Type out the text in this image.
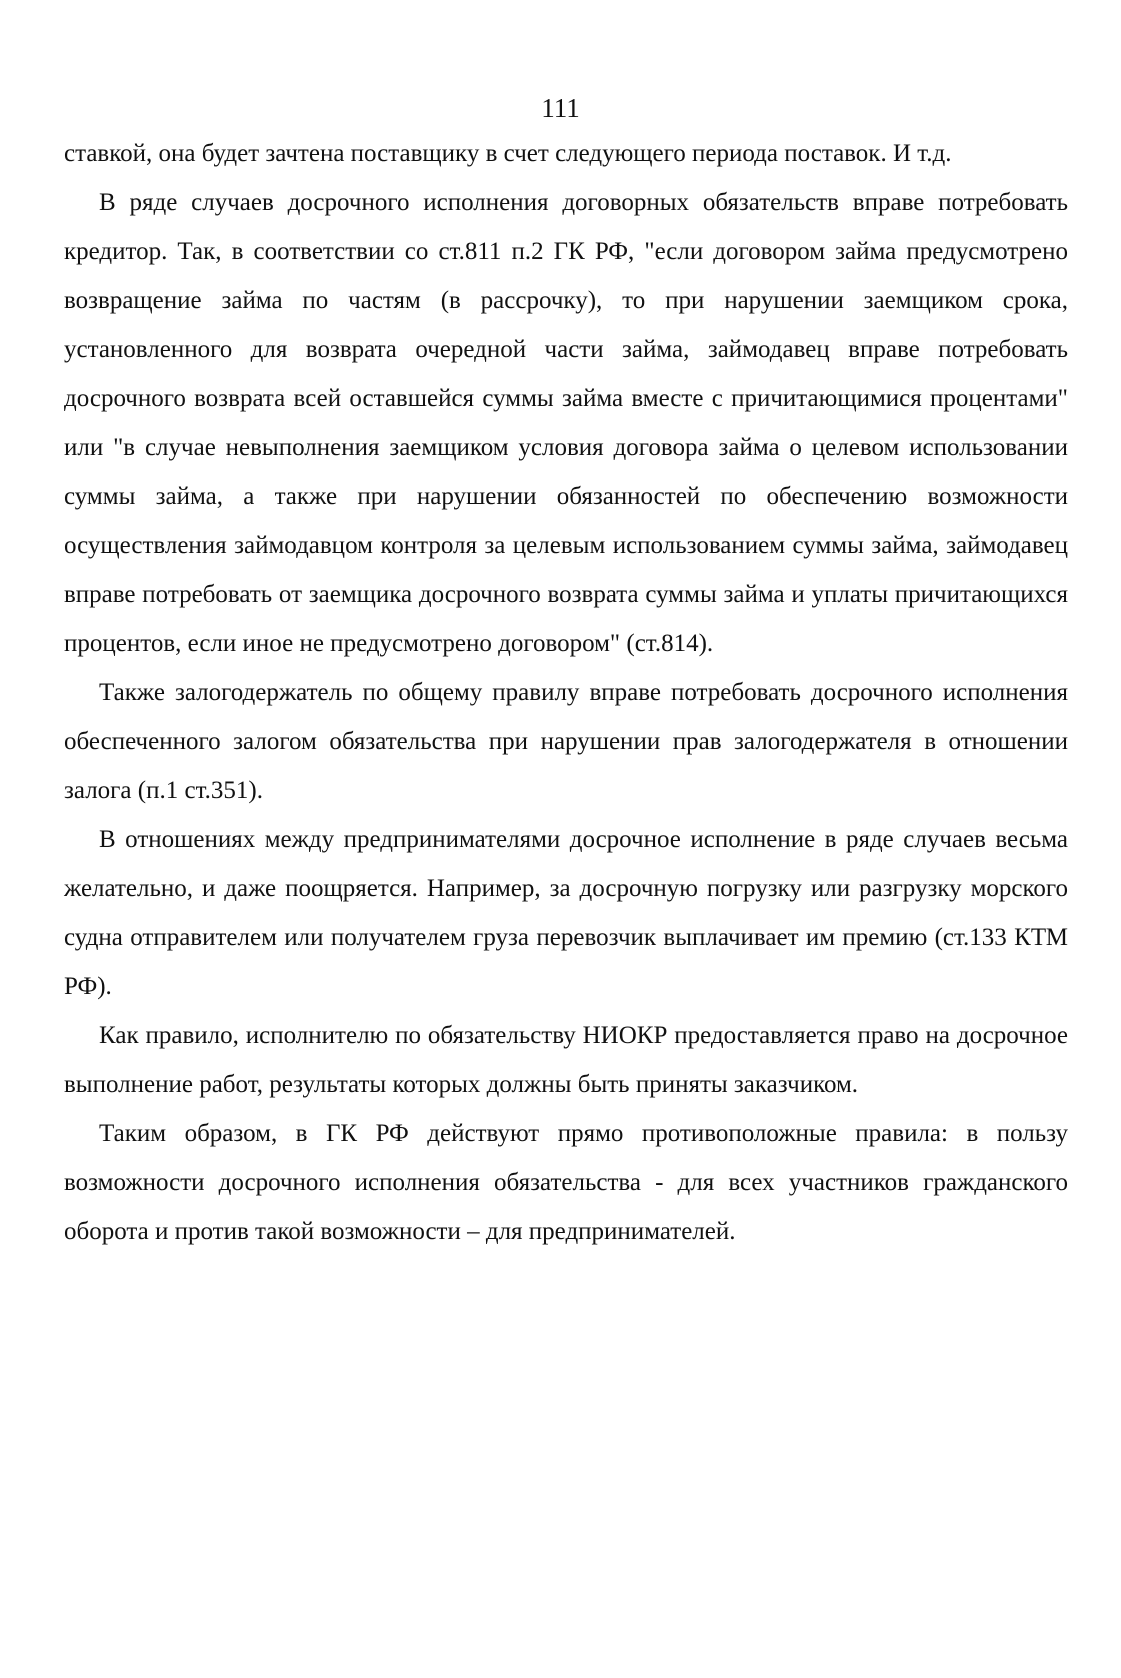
111

ставкой, она будет зачтена поставщику в счет следующего периода поставок. И т.д.

В ряде случаев досрочного исполнения договорных обязательств вправе потребовать кредитор. Так, в соответствии со ст.811 п.2 ГК РФ, "если договором займа предусмотрено возвращение займа по частям (в рассрочку), то при нарушении заемщиком срока, установленного для возврата очередной части займа, займодавец вправе потребовать досрочного возврата всей оставшейся суммы займа вместе с причитающимися процентами" или "в случае невыполнения заемщиком условия договора займа о целевом использовании суммы займа, а также при нарушении обязанностей по обеспечению возможности осуществления займодавцом контроля за целевым использованием суммы займа, займодавец вправе потребовать от заемщика досрочного возврата суммы займа и уплаты причитающихся процентов, если иное не предусмотрено договором" (ст.814).

Также залогодержатель по общему правилу вправе потребовать досрочного исполнения обеспеченного залогом обязательства при нарушении прав залогодержателя в отношении залога (п.1 ст.351).

В отношениях между предпринимателями досрочное исполнение в ряде случаев весьма желательно, и даже поощряется. Например, за досрочную погрузку или разгрузку морского судна отправителем или получателем груза перевозчик выплачивает им премию (ст.133 КТМ РФ).

Как правило, исполнителю по обязательству НИОКР предоставляется право на досрочное выполнение работ, результаты которых должны быть приняты заказчиком.

Таким образом, в ГК РФ действуют прямо противоположные правила: в пользу возможности досрочного исполнения обязательства - для всех участников гражданского оборота и против такой возможности – для предпринимателей.
